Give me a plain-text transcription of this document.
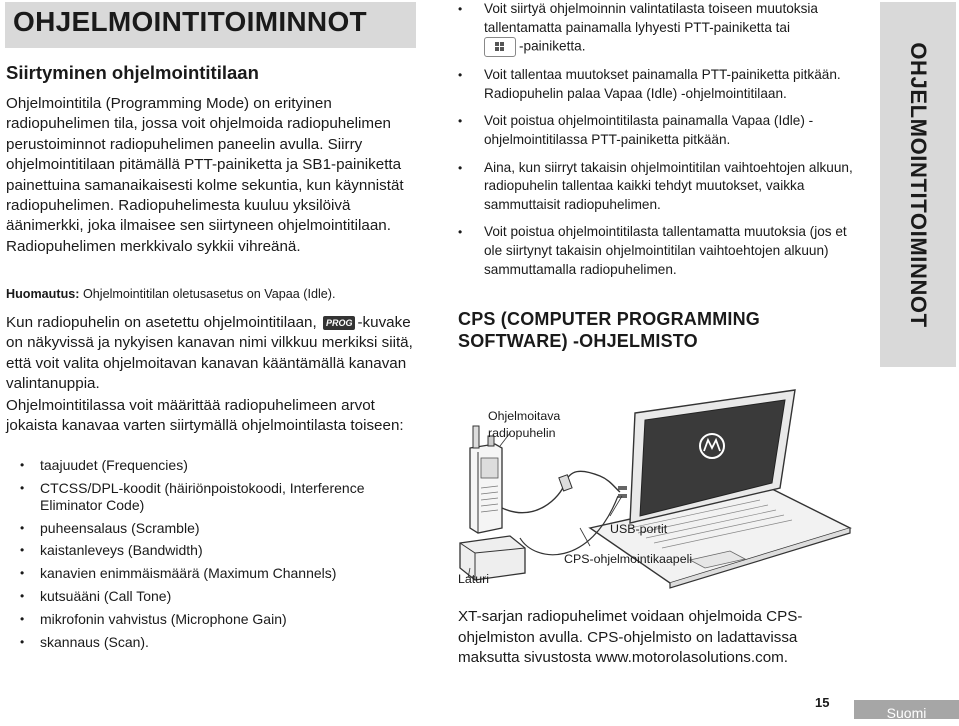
OHJELMOINTITOIMINNOT
Siirtyminen ohjelmointitilaan
Ohjelmointitila (Programming Mode) on erityinen radiopuhelimen tila, jossa voit ohjelmoida radiopuhelimen perustoiminnot radiopuhelimen paneelin avulla. Siirry ohjelmointitilaan pitämällä PTT-painiketta ja SB1-painiketta painettuina samanaikaisesti kolme sekuntia, kun käynnistät radiopuhelimen. Radiopuhelimesta kuuluu yksilöivä äänimerkki, joka ilmaisee sen siirtyneen ohjelmointitilaan. Radiopuhelimen merkkivalo sykkii vihreänä.
Huomautus: Ohjelmointitilan oletusasetus on Vapaa (Idle).
Kun radiopuhelin on asetettu ohjelmointitilaan, PROG -kuvake on näkyvissä ja nykyisen kanavan nimi vilkkuu merkiksi siitä, että voit valita ohjelmoitavan kanavan kääntämällä kanavan valintanuppia.
Ohjelmointitilassa voit määrittää radiopuhelimeen arvot jokaista kanavaa varten siirtymällä ohjelmointilasta toiseen:
• taajuudet (Frequencies)
• CTCSS/DPL-koodit (häiriönpoistokoodi, Interference Eliminator Code)
• puheensalaus (Scramble)
• kaistanleveys (Bandwidth)
• kanavien enimmäismäärä (Maximum Channels)
• kutsuääni (Call Tone)
• mikrofonin vahvistus (Microphone Gain)
• skannaus (Scan).
• Voit siirtyä ohjelmoinnin valintatilasta toiseen muutoksia tallentamatta painamalla lyhyesti PTT-painiketta tai
-painiketta.
• Voit tallentaa muutokset painamalla PTT-painiketta pitkään. Radiopuhelin palaa Vapaa (Idle) -ohjelmointitilaan.
• Voit poistua ohjelmointitilasta painamalla Vapaa (Idle) -ohjelmointitilassa PTT-painiketta pitkään.
• Aina, kun siirryt takaisin ohjelmointitilan vaihtoehtojen alkuun, radiopuhelin tallentaa kaikki tehdyt muutokset, vaikka sammuttaisit radiopuhelimen.
• Voit poistua ohjelmointitilasta tallentamatta muutoksia (jos et ole siirtynyt takaisin ohjelmointitilan vaihtoehtojen alkuun) sammuttamalla radiopuhelimen.
CPS (COMPUTER PROGRAMMING SOFTWARE) -OHJELMISTO
Ohjelmoitava radiopuhelin
USB-portit
CPS-ohjelmointikaapeli
Laturi
XT-sarjan radiopuhelimet voidaan ohjelmoida CPS-ohjelmiston avulla. CPS-ohjelmisto on ladattavissa maksutta sivustosta www.motorolasolutions.com.
OHJELMOINTITOIMINNOT
15
Suomi
